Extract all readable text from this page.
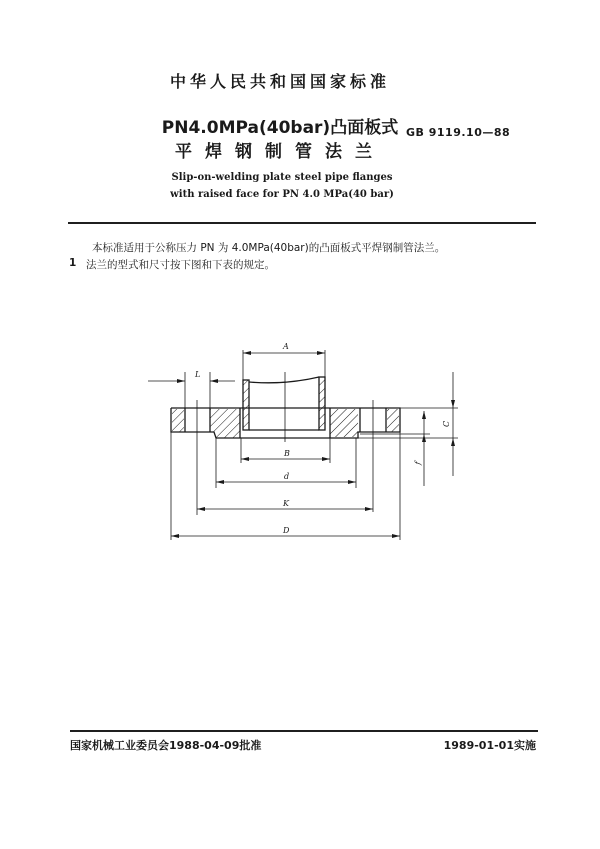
中华人民共和国国家标准
PN4.0MPa(40bar)凸面板式
平焊钢制管法兰
Slip-on-welding plate steel pipe flanges
with raised face for PN 4.0 MPa(40 bar)
GB 9119.10—88
本标准适用于公称压力 PN 为 4.0MPa(40bar)的凸面板式平焊钢制管法兰。
1 法兰的型式和尺寸按下图和下表的规定。
A
L
B
d
K
D
C
f
国家机械工业委员会1988-04-09批准	1989-01-01实施
